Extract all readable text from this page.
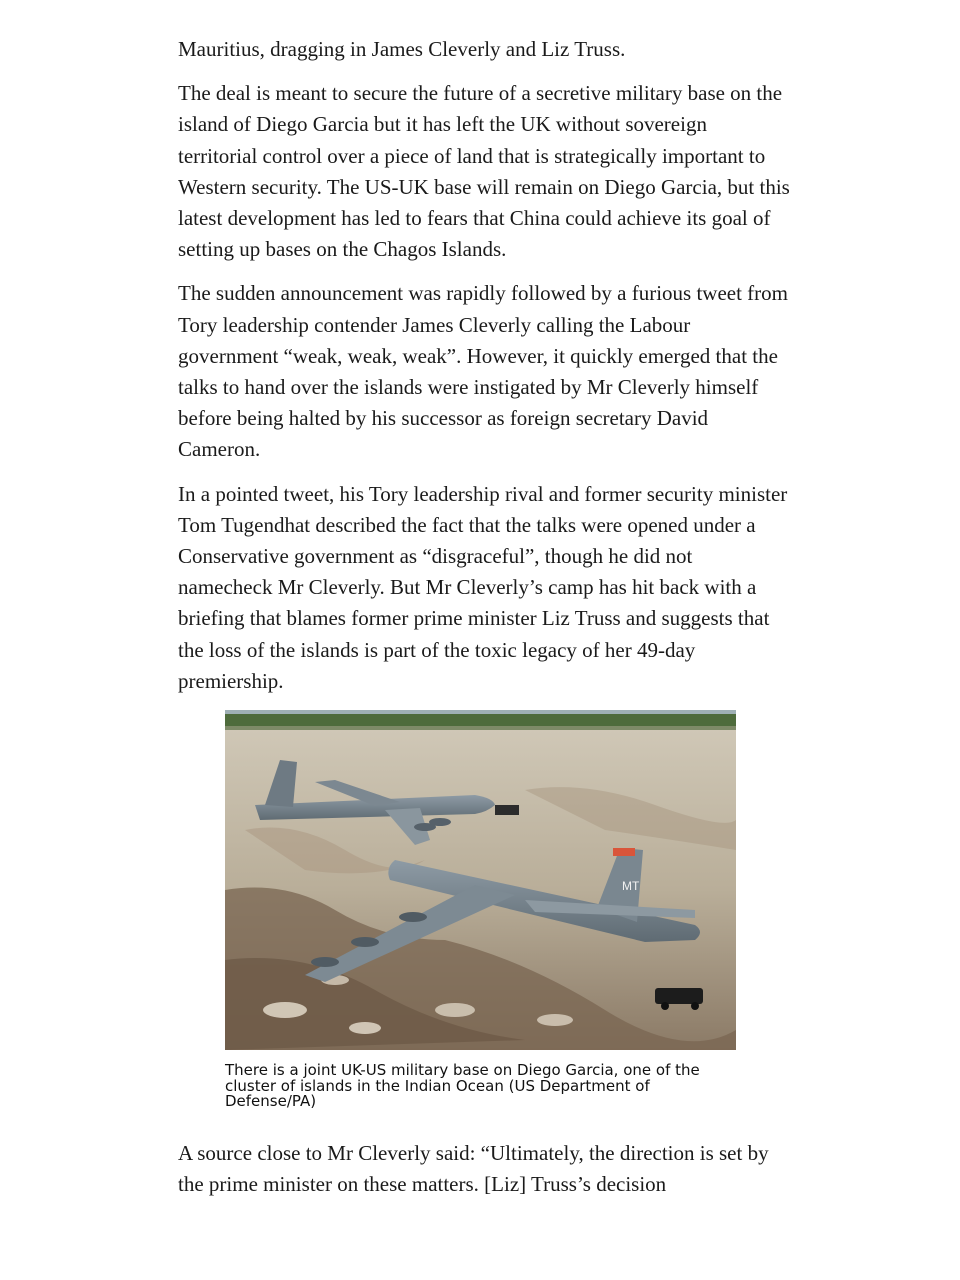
Mauritius, dragging in James Cleverly and Liz Truss.

The deal is meant to secure the future of a secretive military base on the island of Diego Garcia but it has left the UK without sovereign territorial control over a piece of land that is strategically important to Western security. The US-UK base will remain on Diego Garcia, but this latest development has led to fears that China could achieve its goal of setting up bases on the Chagos Islands.

The sudden announcement was rapidly followed by a furious tweet from Tory leadership contender James Cleverly calling the Labour government “weak, weak, weak”. However, it quickly emerged that the talks to hand over the islands were instigated by Mr Cleverly himself before being halted by his successor as foreign secretary David Cameron.

In a pointed tweet, his Tory leadership rival and former security minister Tom Tugendhat described the fact that the talks were opened under a Conservative government as “disgraceful”, though he did not namecheck Mr Cleverly. But Mr Cleverly’s camp has hit back with a briefing that blames former prime minister Liz Truss and suggests that the loss of the islands is part of the toxic legacy of her 49-day premiership.

MT
There is a joint UK-US military base on Diego Garcia, one of the cluster of islands in the Indian Ocean (US Department of Defense/PA)

A source close to Mr Cleverly said: “Ultimately, the direction is set by the prime minister on these matters. [Liz] Truss’s decision
